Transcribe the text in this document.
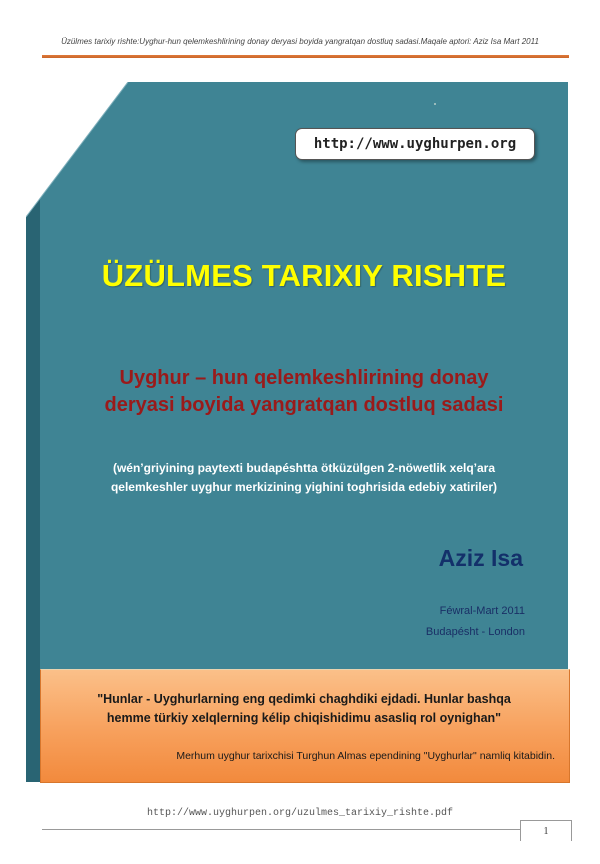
Üzülmes tarixiy rishte:Uyghur-hun qelemkeshlirining donay deryasi boyida yangratqan dostluq sadasi.Maqale aptori: Aziz Isa Mart 2011
http://www.uyghurpen.org
ÜZÜLMES TARIXIY RISHTE
Uyghur – hun qelemkeshlirining donay
deryasi boyida yangratqan dostluq sadasi
(wén’griyining paytexti budapéshtta ötküzülgen 2-nöwetlik xelq’ara
qelemkeshler uyghur merkizining yighini toghrisida edebiy xatiriler)
Aziz Isa
Féwral-Mart 2011
Budapésht - London
"Hunlar - Uyghurlarning eng qedimki chaghdiki ejdadi. Hunlar bashqa
hemme türkiy xelqlerning kélip chiqishidimu asasliq rol oynighan"
Merhum uyghur tarixchisi Turghun Almas ependining "Uyghurlar" namliq kitabidin.
http://www.uyghurpen.org/uzulmes_tarixiy_rishte.pdf
1
